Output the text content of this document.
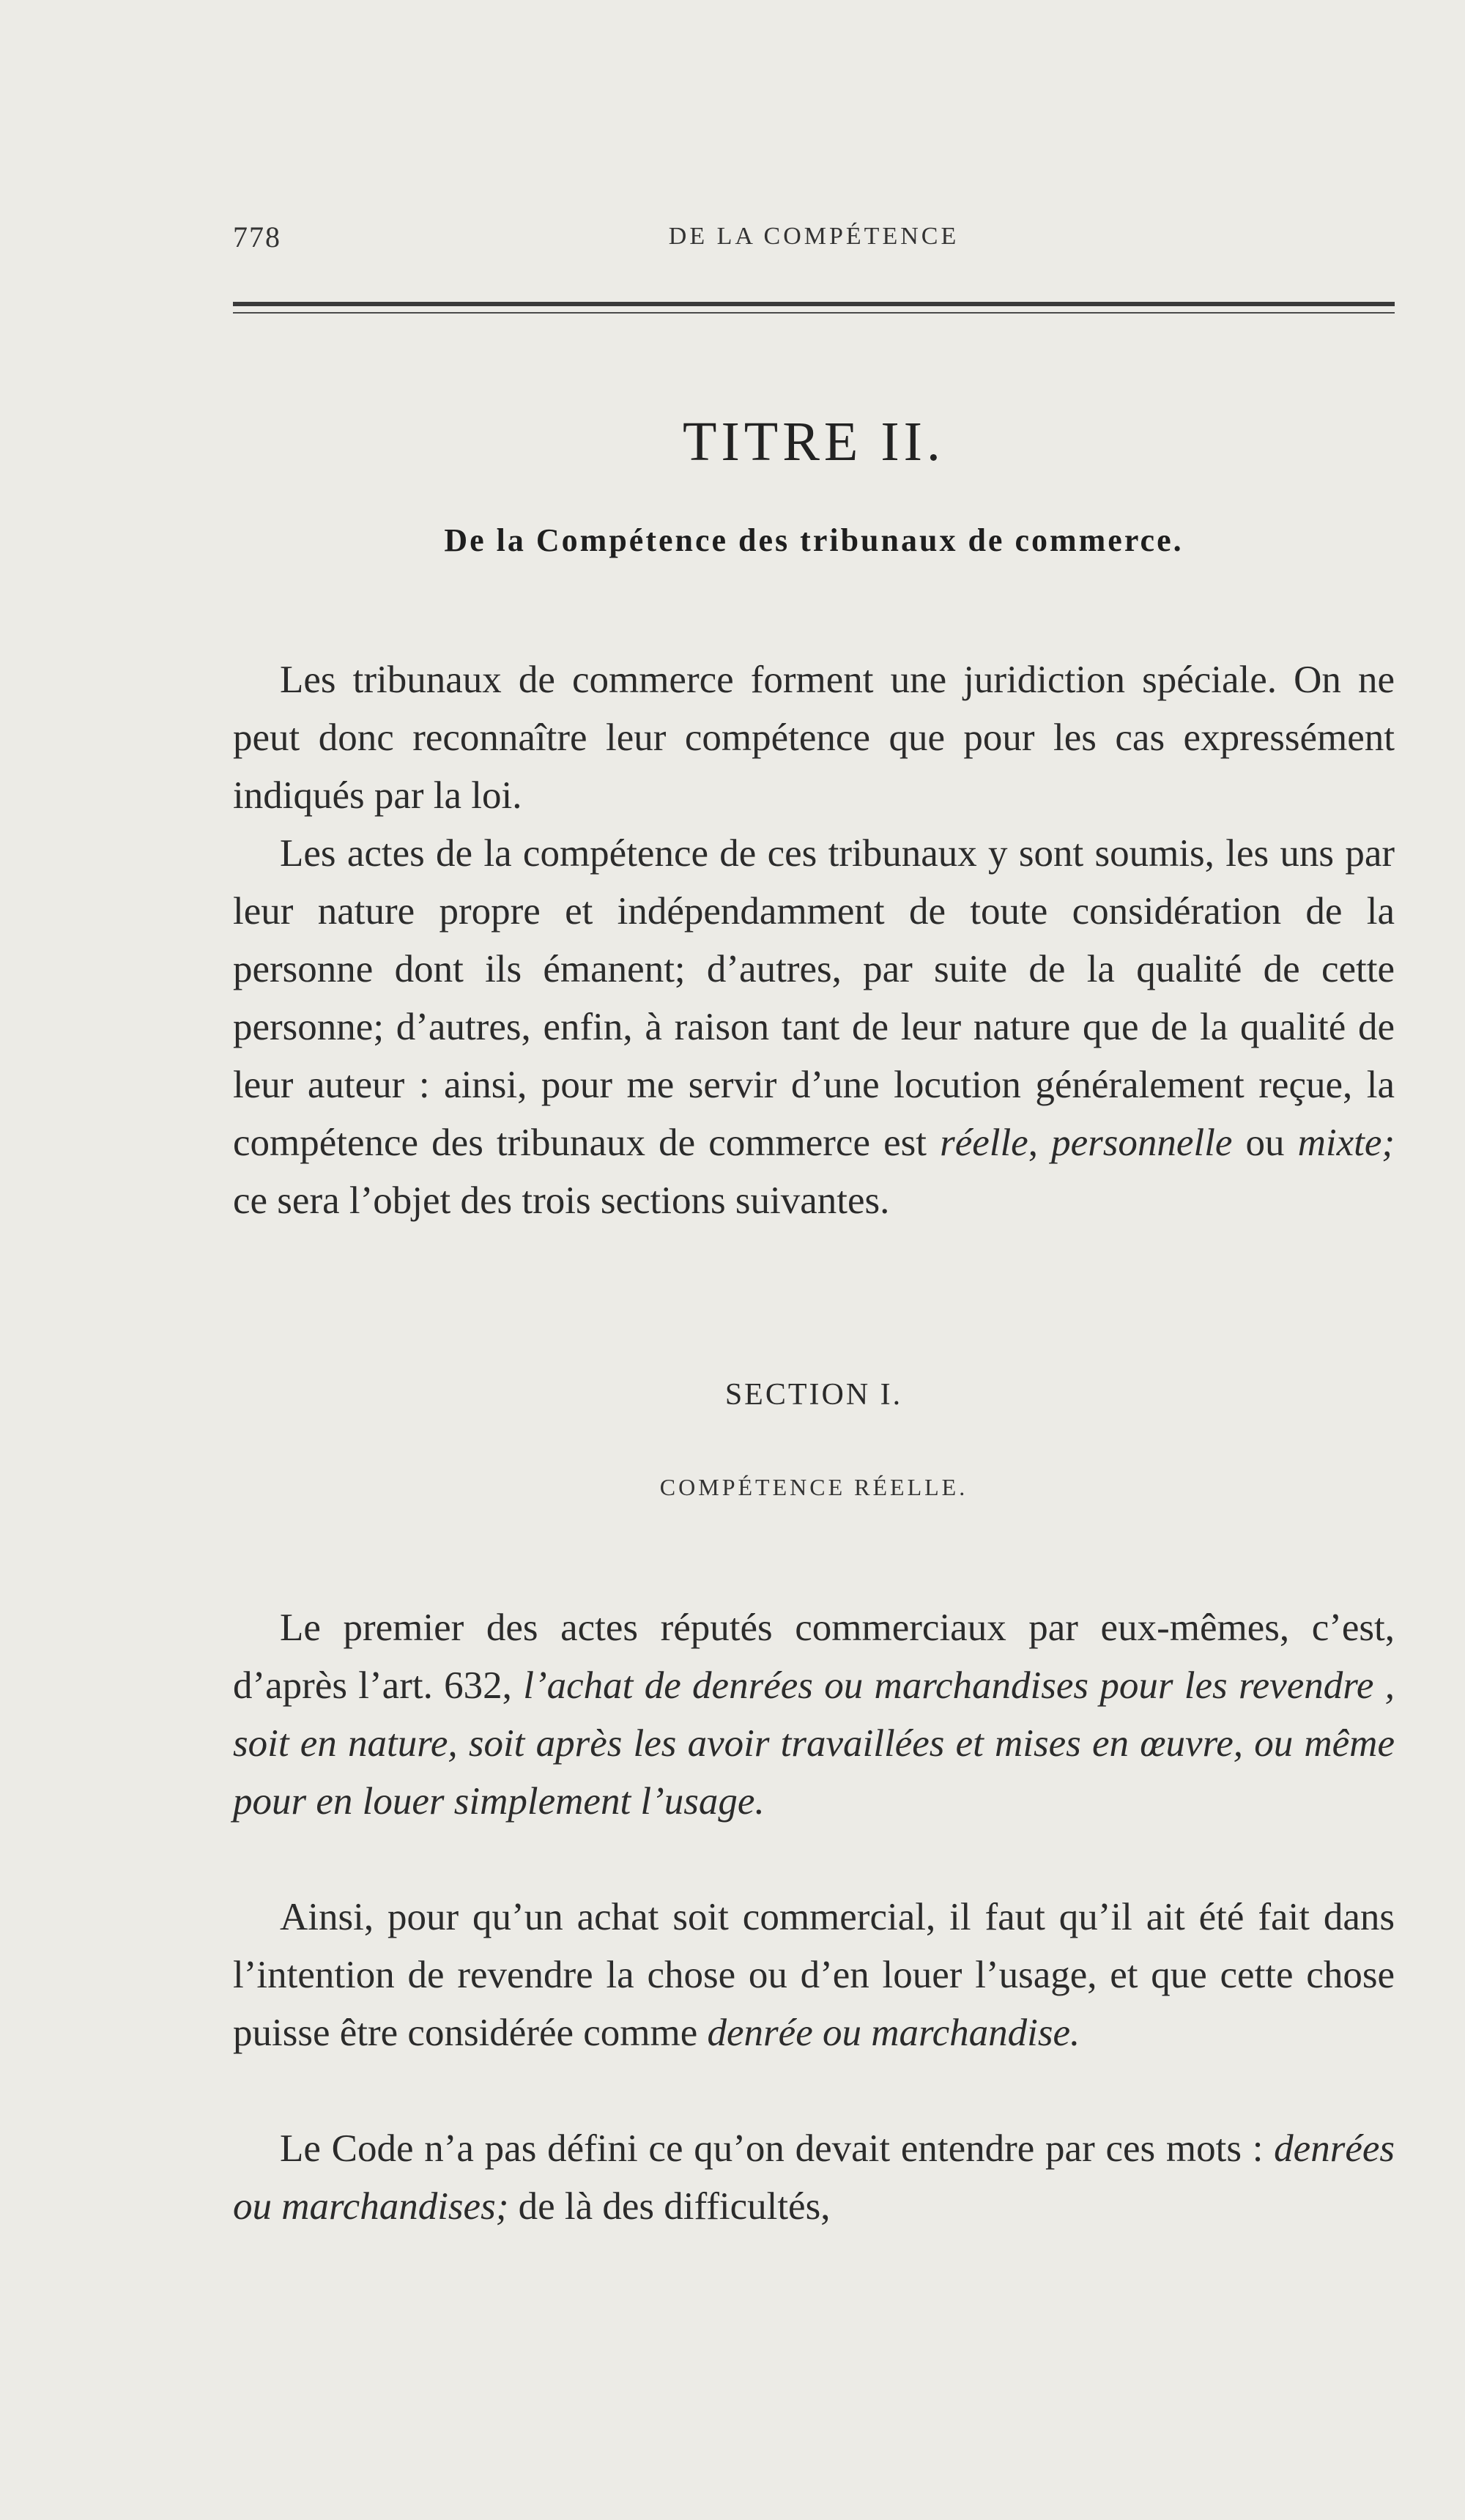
778	DE LA COMPÉTENCE
TITRE II.
De la Compétence des tribunaux de commerce.

Les tribunaux de commerce forment une juridiction spéciale. On ne peut donc reconnaître leur compétence que pour les cas expressément indiqués par la loi.

Les actes de la compétence de ces tribunaux y sont soumis, les uns par leur nature propre et indépendamment de toute considération de la personne dont ils émanent; d’autres, par suite de la qualité de cette personne; d’autres, enfin, à raison tant de leur nature que de la qualité de leur auteur : ainsi, pour me servir d’une locution généralement reçue, la compétence des tribunaux de commerce est réelle, personnelle ou mixte; ce sera l’objet des trois sections suivantes.

SECTION I.
COMPÉTENCE RÉELLE.

Le premier des actes réputés commerciaux par eux-mêmes, c’est, d’après l’art. 632, l’achat de denrées ou marchandises pour les revendre , soit en nature, soit après les avoir travaillées et mises en œuvre, ou même pour en louer simplement l’usage.

Ainsi, pour qu’un achat soit commercial, il faut qu’il ait été fait dans l’intention de revendre la chose ou d’en louer l’usage, et que cette chose puisse être considérée comme denrée ou marchandise.

Le Code n’a pas défini ce qu’on devait entendre par ces mots : denrées ou marchandises; de là des difficultés,
